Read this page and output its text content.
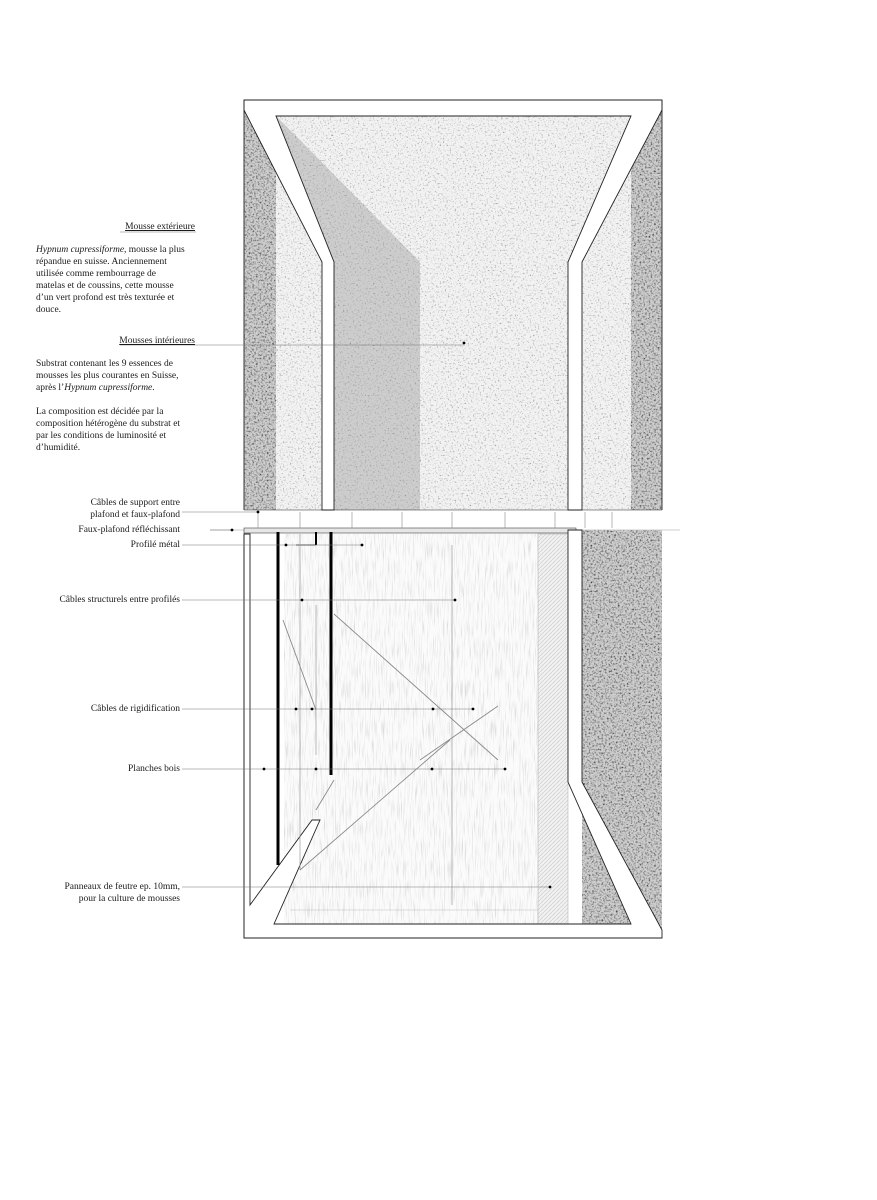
Mousse extérieure

Hypnum cupressiforme, mousse la plus répandue en suisse. Anciennement utilisée comme rembourrage de matelas et de coussins, cette mousse d’un vert profond est très texturée et douce.

Mousses intérieures

Substrat contenant les 9 essences de mousses les plus courantes en Suisse, après l’Hypnum cupressiforme.

La composition est décidée par la composition hétérogène du substrat et par les conditions de luminosité et d’humidité.

Câbles de support entre
plafond et faux-plafond
Faux-plafond réfléchissant
Profilé métal
Câbles structurels entre profilés
Câbles de rigidification
Planches bois
Panneaux de feutre ep. 10mm,
pour la culture de mousses
